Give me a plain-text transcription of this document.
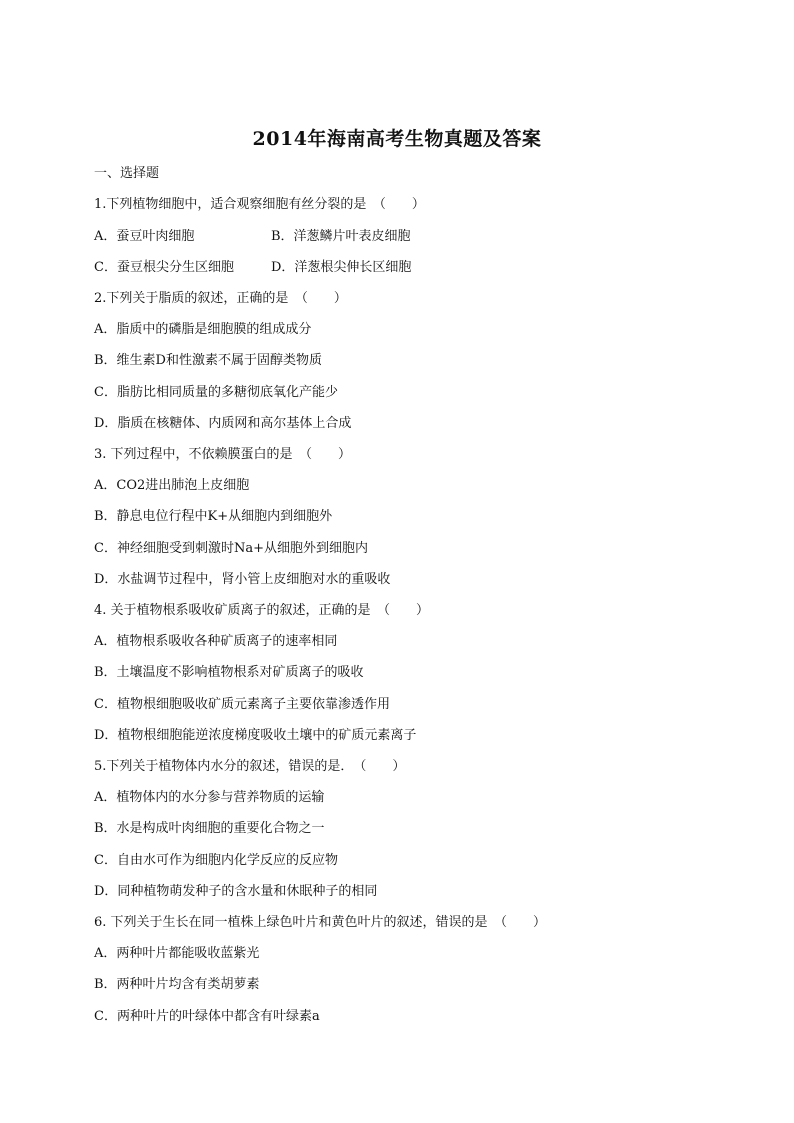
2014年海南高考生物真题及答案

一、选择题

1.下列植物细胞中，适合观察细胞有丝分裂的是　（　　）

A．蚕豆叶肉细胞	B．洋葱鳞片叶表皮细胞

C．蚕豆根尖分生区细胞	D．洋葱根尖伸长区细胞

2.下列关于脂质的叙述，正确的是　（　　）

A．脂质中的磷脂是细胞膜的组成成分

B．维生素D和性激素不属于固醇类物质

C．脂肪比相同质量的多糖彻底氧化产能少

D．脂质在核糖体、内质网和高尔基体上合成

3. 下列过程中，不依赖膜蛋白的是　（　　）

A．CO2进出肺泡上皮细胞

B．静息电位行程中K+从细胞内到细胞外

C．神经细胞受到刺激时Na+从细胞外到细胞内

D．水盐调节过程中，肾小管上皮细胞对水的重吸收

4. 关于植物根系吸收矿质离子的叙述，正确的是　（　　）

A．植物根系吸收各种矿质离子的速率相同

B．土壤温度不影响植物根系对矿质离子的吸收

C．植物根细胞吸收矿质元素离子主要依靠渗透作用

D．植物根细胞能逆浓度梯度吸收土壤中的矿质元素离子

5.下列关于植物体内水分的叙述，错误的是．　（　　）

A．植物体内的水分参与营养物质的运输

B．水是构成叶肉细胞的重要化合物之一

C．自由水可作为细胞内化学反应的反应物

D．同种植物萌发种子的含水量和休眠种子的相同

6. 下列关于生长在同一植株上绿色叶片和黄色叶片的叙述，错误的是　（　　）

A．两种叶片都能吸收蓝紫光

B．两种叶片均含有类胡萝素

C．两种叶片的叶绿体中都含有叶绿素a
